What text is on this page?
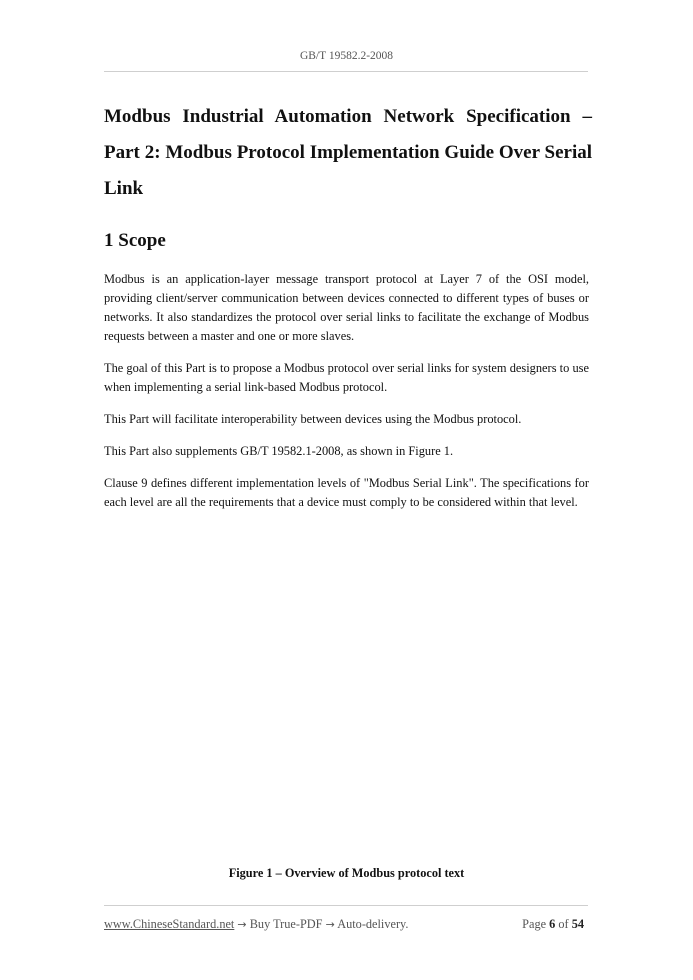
GB/T 19582.2-2008
Modbus Industrial Automation Network Specification – Part 2: Modbus Protocol Implementation Guide Over Serial Link
1 Scope

Modbus is an application-layer message transport protocol at Layer 7 of the OSI model, providing client/server communication between devices connected to different types of buses or networks. It also standardizes the protocol over serial links to facilitate the exchange of Modbus requests between a master and one or more slaves.

The goal of this Part is to propose a Modbus protocol over serial links for system designers to use when implementing a serial link-based Modbus protocol.

This Part will facilitate interoperability between devices using the Modbus protocol.

This Part also supplements GB/T 19582.1-2008, as shown in Figure 1.

Clause 9 defines different implementation levels of "Modbus Serial Link". The specifications for each level are all the requirements that a device must comply to be considered within that level.

Figure 1 – Overview of Modbus protocol text
www.ChineseStandard.net → Buy True-PDF → Auto-delivery.	Page 6 of 54
